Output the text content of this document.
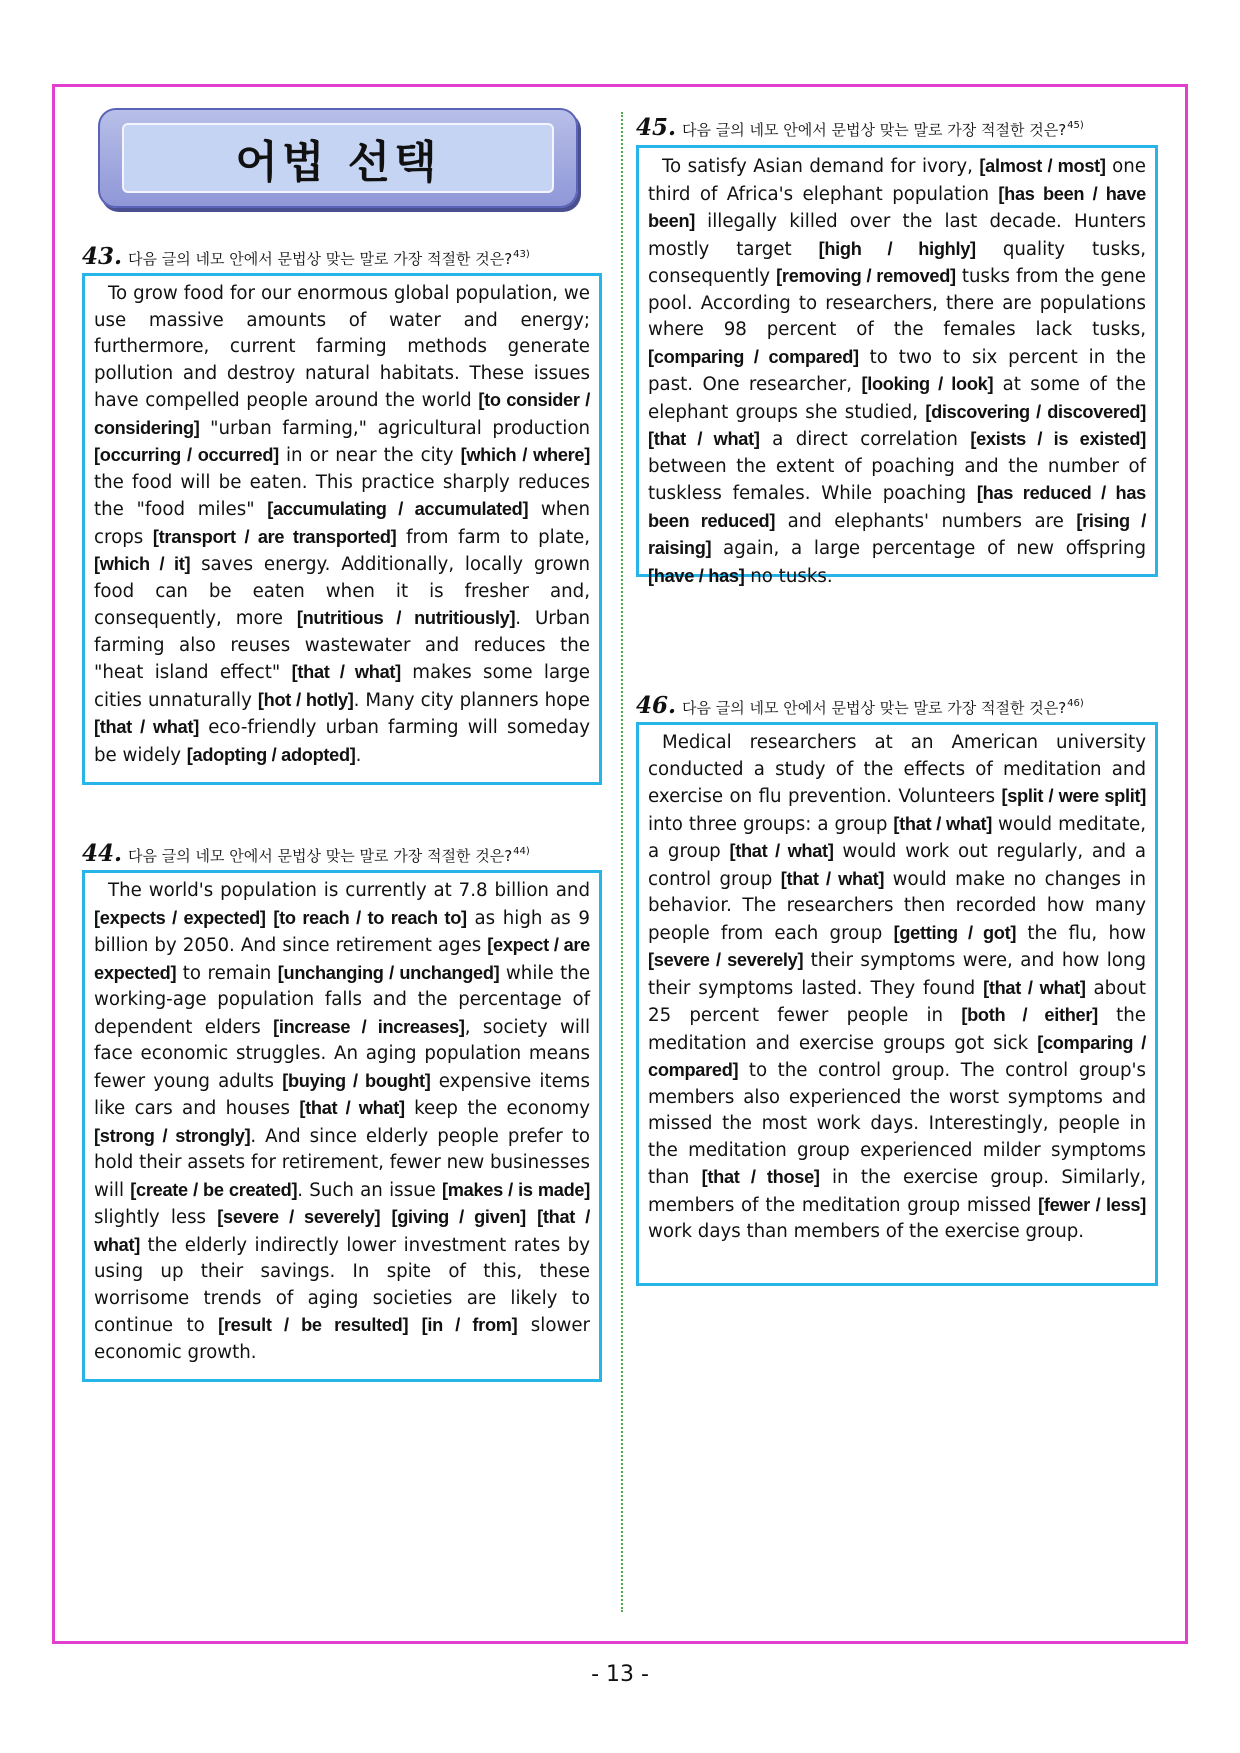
어법 선택
43. 다음 글의 네모 안에서 문법상 맞는 말로 가장 적절한 것은? 43)
To grow food for our enormous global population, we use massive amounts of water and energy; furthermore, current farming methods generate pollution and destroy natural habitats. These issues have compelled people around the world [to consider / considering] "urban farming," agricultural production [occurring / occurred] in or near the city [which / where] the food will be eaten. This practice sharply reduces the "food miles" [accumulating / accumulated] when crops [transport / are transported] from farm to plate, [which / it] saves energy. Additionally, locally grown food can be eaten when it is fresher and, consequently, more [nutritious / nutritiously]. Urban farming also reuses wastewater and reduces the "heat island effect" [that / what] makes some large cities unnaturally [hot / hotly]. Many city planners hope [that / what] eco-friendly urban farming will someday be widely [adopting / adopted].
44. 다음 글의 네모 안에서 문법상 맞는 말로 가장 적절한 것은? 44)
The world's population is currently at 7.8 billion and [expects / expected] [to reach / to reach to] as high as 9 billion by 2050. And since retirement ages [expect / are expected] to remain [unchanging / unchanged] while the working-age population falls and the percentage of dependent elders [increase / increases], society will face economic struggles. An aging population means fewer young adults [buying / bought] expensive items like cars and houses [that / what] keep the economy [strong / strongly]. And since elderly people prefer to hold their assets for retirement, fewer new businesses will [create / be created]. Such an issue [makes / is made] slightly less [severe / severely] [giving / given] [that / what] the elderly indirectly lower investment rates by using up their savings. In spite of this, these worrisome trends of aging societies are likely to continue to [result / be resulted] [in / from] slower economic growth.
45. 다음 글의 네모 안에서 문법상 맞는 말로 가장 적절한 것은? 45)
To satisfy Asian demand for ivory, [almost / most] one third of Africa's elephant population [has been / have been] illegally killed over the last decade. Hunters mostly target [high / highly] quality tusks, consequently [removing / removed] tusks from the gene pool. According to researchers, there are populations where 98 percent of the females lack tusks, [comparing / compared] to two to six percent in the past. One researcher, [looking / look] at some of the elephant groups she studied, [discovering / discovered] [that / what] a direct correlation [exists / is existed] between the extent of poaching and the number of tuskless females. While poaching [has reduced / has been reduced] and elephants' numbers are [rising / raising] again, a large percentage of new offspring [have / has] no tusks.
46. 다음 글의 네모 안에서 문법상 맞는 말로 가장 적절한 것은? 46)
Medical researchers at an American university conducted a study of the effects of meditation and exercise on flu prevention. Volunteers [split / were split] into three groups: a group [that / what] would meditate, a group [that / what] would work out regularly, and a control group [that / what] would make no changes in behavior. The researchers then recorded how many people from each group [getting / got] the flu, how [severe / severely] their symptoms were, and how long their symptoms lasted. They found [that / what] about 25 percent fewer people in [both / either] the meditation and exercise groups got sick [comparing / compared] to the control group. The control group's members also experienced the worst symptoms and missed the most work days. Interestingly, people in the meditation group experienced milder symptoms than [that / those] in the exercise group. Similarly, members of the meditation group missed [fewer / less] work days than members of the exercise group.
- 13 -
